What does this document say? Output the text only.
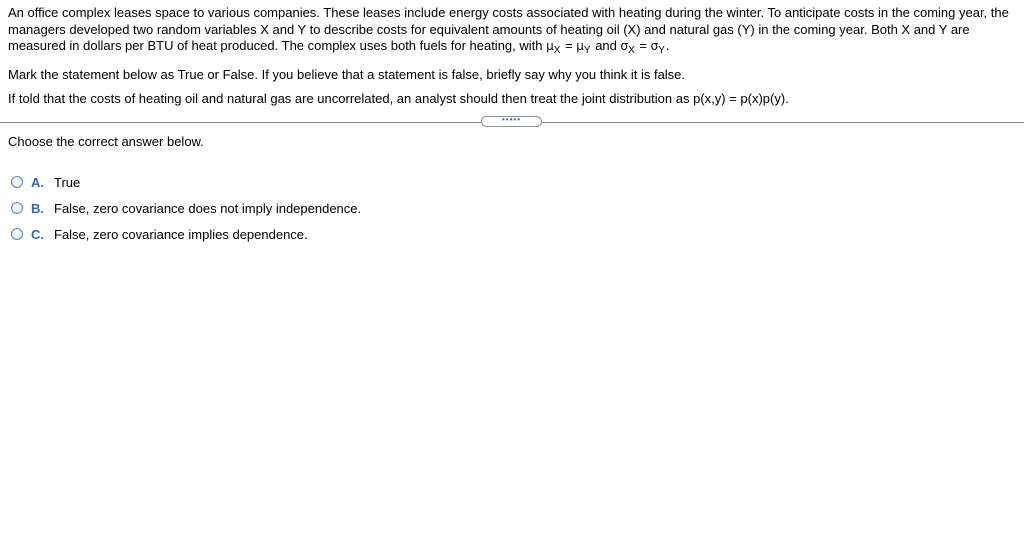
An office complex leases space to various companies. These leases include energy costs associated with heating during the winter. To anticipate costs in the coming year, the managers developed two random variables X and Y to describe costs for equivalent amounts of heating oil (X) and natural gas (Y) in the coming year. Both X and Y are measured in dollars per BTU of heat produced. The complex uses both fuels for heating, with $\mu_X = \mu_Y$ and $\sigma_X = \sigma_Y$.

Mark the statement below as True or False. If you believe that a statement is false, briefly say why you think it is false.

If told that the costs of heating oil and natural gas are uncorrelated, an analyst should then treat the joint distribution as p(x,y) = p(x)p(y).

•••••
Choose the correct answer below.
A. True
B. False, zero covariance does not imply independence.
C. False, zero covariance implies dependence.
